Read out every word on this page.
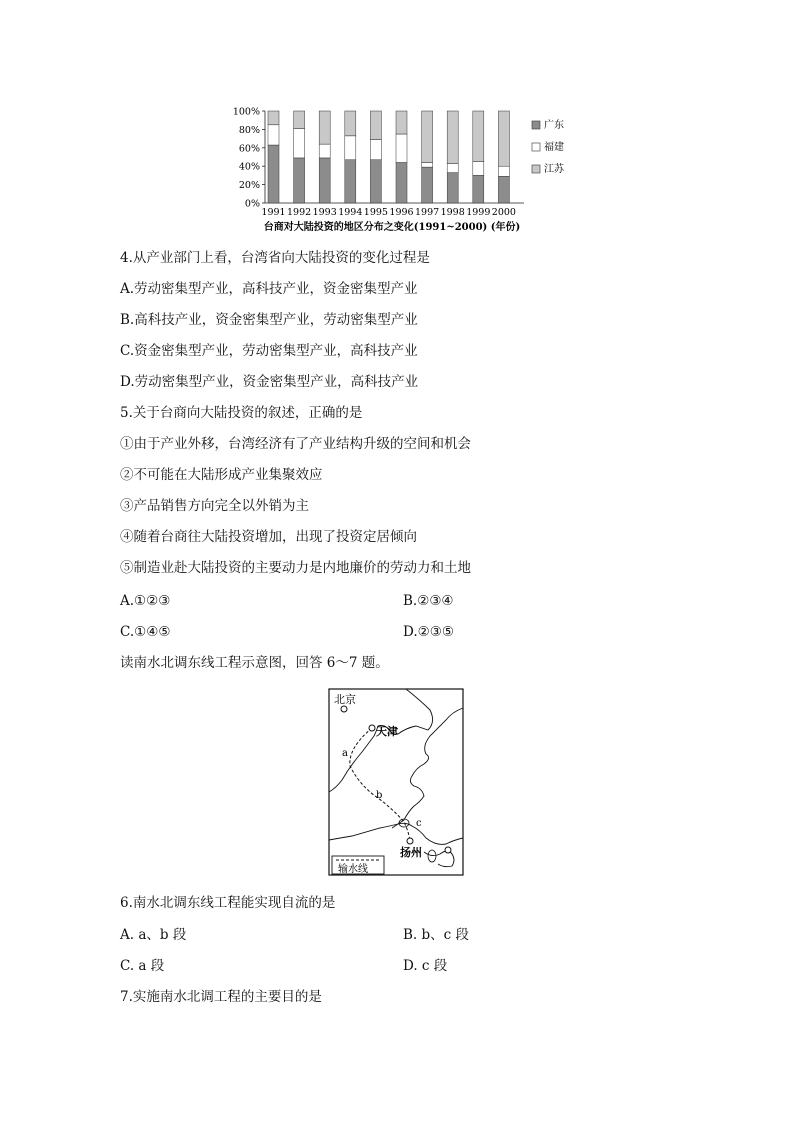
0%
20%
40%
60%
80%
100%
1991 1992 1993 1994 1995 1996 1997 1998 1999 2000
广东
福建
江苏
台商对大陆投资的地区分布之变化(1991~2000) (年份)
4.从产业部门上看，台湾省向大陆投资的变化过程是
A.劳动密集型产业，高科技产业，资金密集型产业
B.高科技产业，资金密集型产业，劳动密集型产业
C.资金密集型产业，劳动密集型产业，高科技产业
D.劳动密集型产业，资金密集型产业，高科技产业
5.关于台商向大陆投资的叙述，正确的是
①由于产业外移，台湾经济有了产业结构升级的空间和机会
②不可能在大陆形成产业集聚效应
③产品销售方向完全以外销为主
④随着台商往大陆投资增加，出现了投资定居倾向
⑤制造业赴大陆投资的主要动力是内地廉价的劳动力和土地
A.①②③	B.②③④
C.①④⑤	D.②③⑤
读南水北调东线工程示意图，回答 6～7 题。
北京
天津
扬州
a
b
c
输水线
6.南水北调东线工程能实现自流的是
A. a、b 段	B. b、c 段
C. a 段	D. c 段
7.实施南水北调工程的主要目的是
